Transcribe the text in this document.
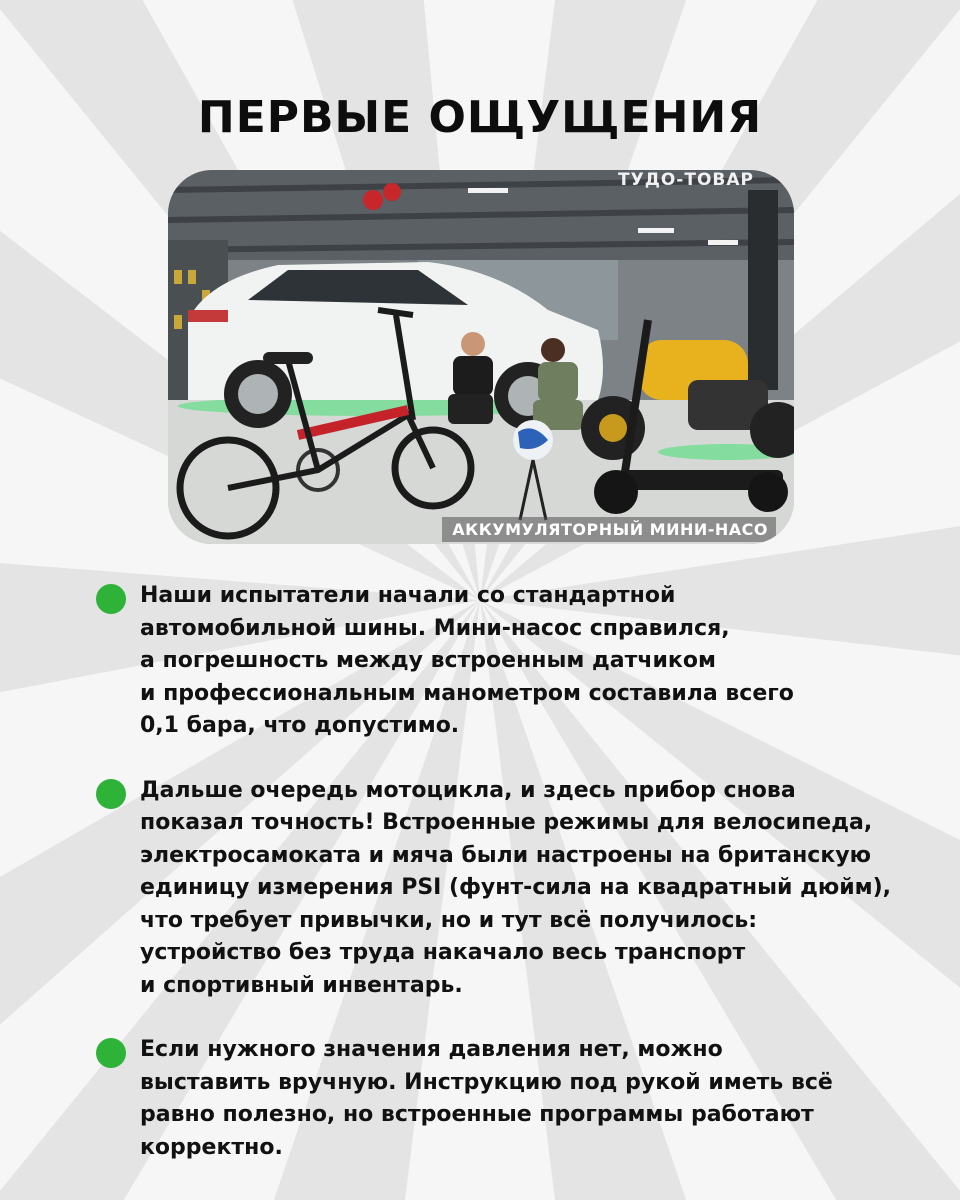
ПЕРВЫЕ ОЩУЩЕНИЯ
ТУДО-ТОВАР
АККУМУЛЯТОРНЫЙ МИНИ-НАСО

Наши испытатели начали со стандартной
автомобильной шины. Мини-насос справился,
а погрешность между встроенным датчиком
и профессиональным манометром составила всего
0,1 бара, что допустимо.

Дальше очередь мотоцикла, и здесь прибор снова
показал точность! Встроенные режимы для велосипеда,
электросамоката и мяча были настроены на британскую
единицу измерения PSI (фунт-сила на квадратный дюйм),
что требует привычки, но и тут всё получилось:
устройство без труда накачало весь транспорт
и спортивный инвентарь.

Если нужного значения давления нет, можно
выставить вручную. Инструкцию под рукой иметь всё
равно полезно, но встроенные программы работают
корректно.
